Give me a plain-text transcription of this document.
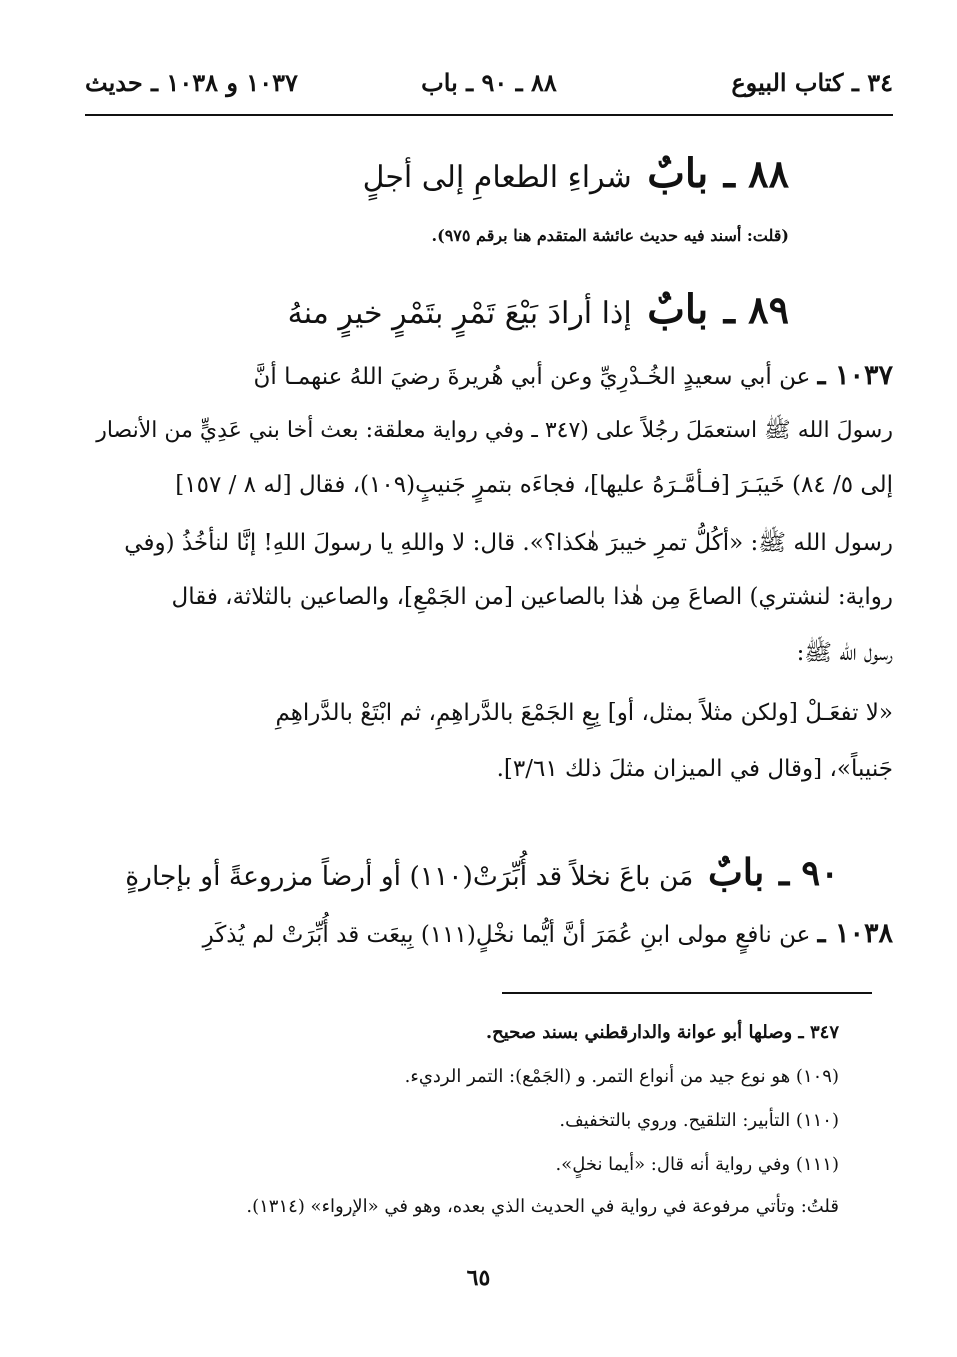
٣٤ ـ كتاب البيوع
٨٨ ـ ٩٠ ـ باب
١٠٣٧ و ١٠٣٨ ـ حديث
٨٨ ـ بابٌ شراءِ الطعامِ إلى أجلٍ
(قلت: أسند فيه حديث عائشة المتقدم هنا برقم ٩٧٥).
٨٩ ـ بابٌ إذا أرادَ بَيْعَ تَمْرٍ بتَمْرٍ خيرٍ منهُ
١٠٣٧ ـ عن أبي سعيدٍ الخُـدْرِيِّ وعن أبي هُريرةَ رضيَ اللهُ عنهمـا أنَّ
رسولَ الله ﷺ استعمَلَ رجُلاً على (٣٤٧ ـ وفي رواية معلقة: بعث أخا بني عَدِيٍّ من الأنصار
إلى ٥/ ٨٤) خَيبَـرَ [فـأمَّـرَهُ عليها]، فجاءَه بتمرٍ جَنيبٍ(١٠٩)، فقال [له ٨ / ١٥٧]
رسول الله ﷺ: «أكُلُّ تمرِ خيبرَ هٰكذا؟». قال: لا واللهِ يا رسولَ اللهِ! إنَّا لنأخُذُ (وفي
رواية: لنشتري) الصاعَ مِن هٰذا بالصاعين [من الجَمْعِ]، والصاعين بالثلاثة، فقال
رسول الله ﷺ:
«لا تفعَـلْ [ولكن مثلاً بمثل، أو] بِعِ الجَمْعَ بالدَّراهِمِ، ثم ابْتَعْ بالدَّراهِمِ
جَنيباً»، [وقال في الميزان مثلَ ذلك ٣/٦١].
٩٠ ـ بابٌ مَن باعَ نخلاً قد أُبِّرَتْ(١١٠) أو أرضاً مزروعةً أو بإجارةٍ
١٠٣٨ ـ عن نافعٍ مولى ابنِ عُمَرَ أنَّ أيُّما نخْلٍ(١١١) بِيعَت قد أُبِّرَتْ لم يُذكَرِ
٣٤٧ ـ وصلها أبو عوانة والدارقطني بسند صحيح.
(١٠٩) هو نوع جيد من أنواع التمر. و (الجَمْع): التمر الرديء.
(١١٠) التأبير: التلقيح. وروي بالتخفيف.
(١١١) وفي رواية أنه قال: «أيما نخلٍ».
قلتُ: وتأتي مرفوعة في رواية في الحديث الذي بعده، وهو في «الإرواء» (١٣١٤).
٦٥
